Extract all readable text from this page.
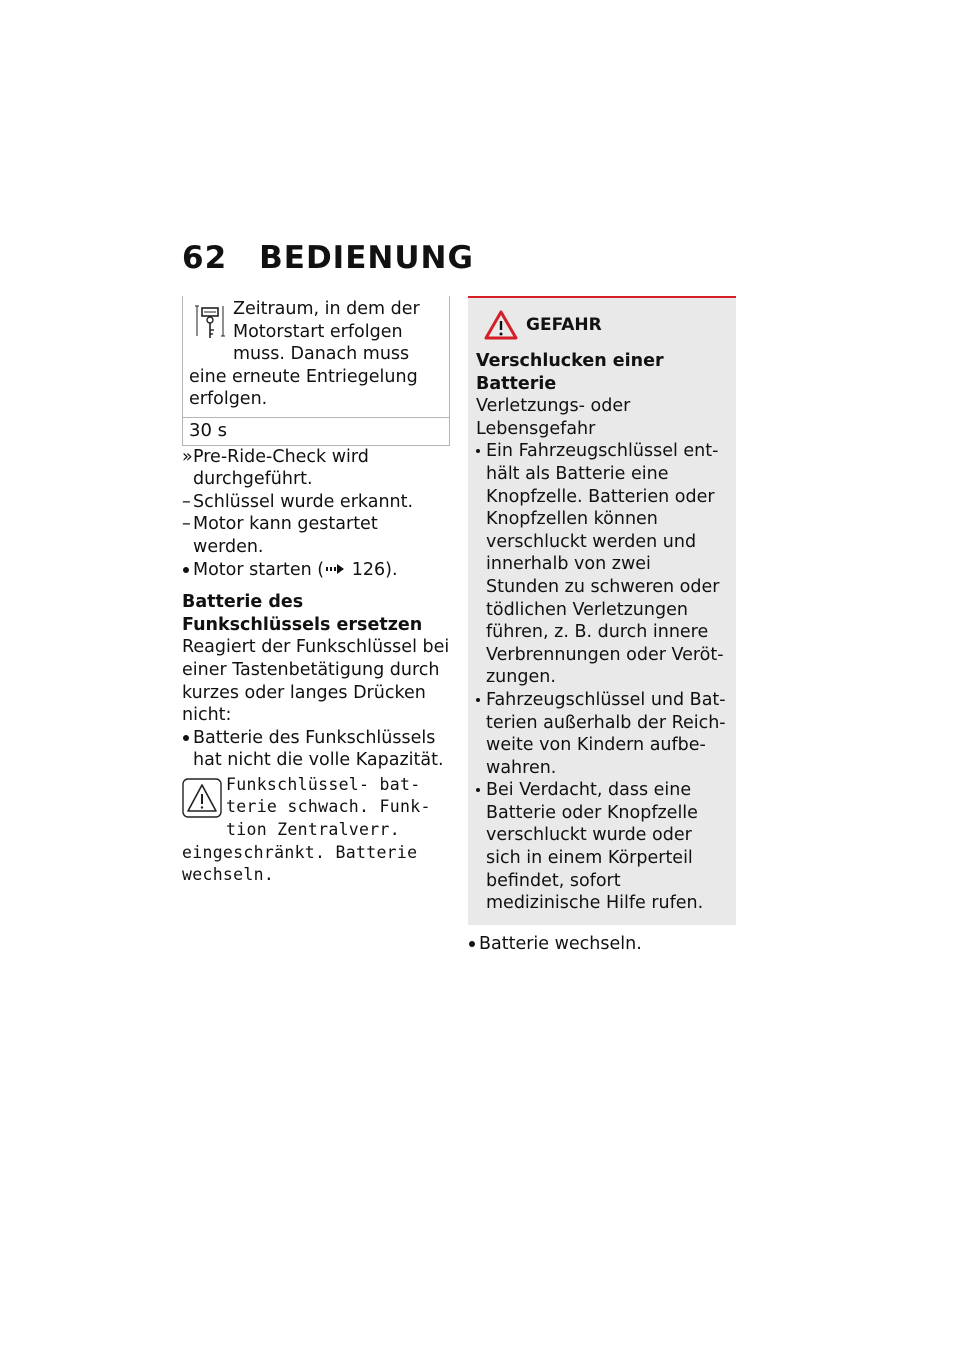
62 BEDIENUNG
Zeitraum, in dem der Motorstart erfolgen muss. Danach muss eine erneute Entriegelung erfolgen.
30 s
» Pre-Ride-Check wird durchgeführt.
– Schlüssel wurde erkannt.
– Motor kann gestartet werden.
Motor starten ( 126).
Batterie des Funkschlüssels ersetzen
Reagiert der Funkschlüssel bei einer Tastenbetätigung durch kurzes oder langes Drücken nicht:
Batterie des Funkschlüssels hat nicht die volle Kapazität.
Funkschlüssel- batterie schwach. Funktion Zentralverr. eingeschränkt. Batterie wechseln.
GEFAHR
Verschlucken einer Batterie
Verletzungs- oder Lebensgefahr
Ein Fahrzeugschlüssel enthält als Batterie eine Knopfzelle. Batterien oder Knopfzellen können verschluckt werden und innerhalb von zwei Stunden zu schweren oder tödlichen Verletzungen führen, z. B. durch innere Verbrennungen oder Verötzungen.
Fahrzeugschlüssel und Batterien außerhalb der Reichweite von Kindern aufbewahren.
Bei Verdacht, dass eine Batterie oder Knopfzelle verschluckt wurde oder sich in einem Körperteil befindet, sofort medizinische Hilfe rufen.
Batterie wechseln.
